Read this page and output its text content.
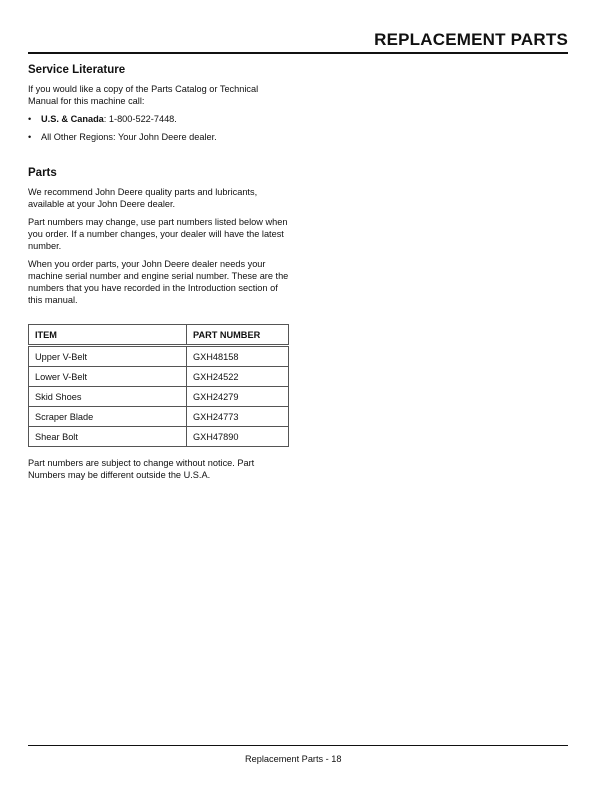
REPLACEMENT PARTS
Service Literature

If you would like a copy of the Parts Catalog or Technical Manual for this machine call:

• U.S. & Canada: 1-800-522-7448.
• All Other Regions: Your John Deere dealer.
Parts

We recommend John Deere quality parts and lubricants, available at your John Deere dealer.

Part numbers may change, use part numbers listed below when you order. If a number changes, your dealer will have the latest number.

When you order parts, your John Deere dealer needs your machine serial number and engine serial number. These are the numbers that you have recorded in the Introduction section of this manual.

ITEM	PART NUMBER
Upper V-Belt	GXH48158
Lower V-Belt	GXH24522
Skid Shoes	GXH24279
Scraper Blade	GXH24773
Shear Bolt	GXH47890

Part numbers are subject to change without notice. Part Numbers may be different outside the U.S.A.

Replacement Parts - 18
